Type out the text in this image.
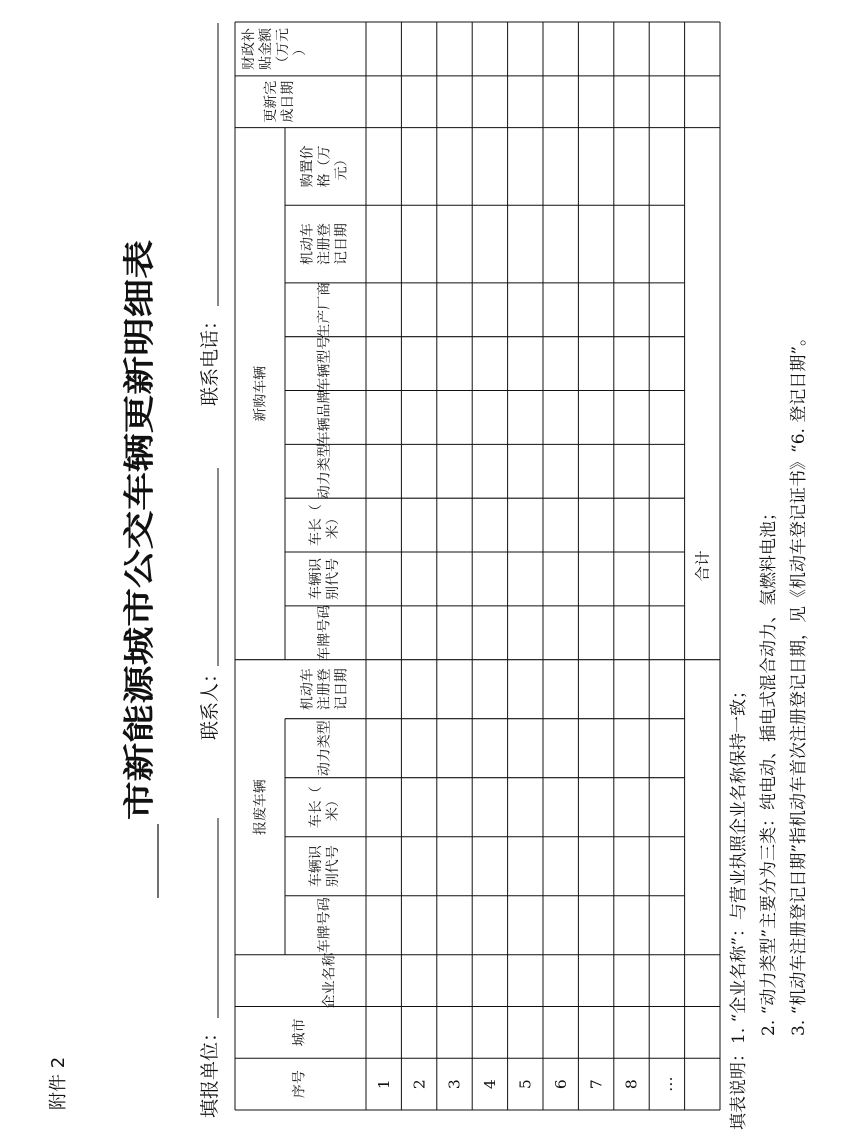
附件 2
市新能源城市公交车辆更新明细表
填报单位：
联系人：
联系电话：
序号
城市
企业名称
报废车辆
新购车辆
更新完成日期
财政补贴金额（万元）
车牌号码
车辆识别代号
车长（米）
动力类型
机动车注册登记日期
车牌号码
车辆识别代号
车长（米）
动力类型
车辆品牌
车辆型号
生产厂商
机动车注册登记日期
购置价格（万元）
1 2 3 4 5 6 7 8 …
合计
填表说明：
1. “企业名称”：与营业执照企业名称保持一致； 2. “动力类型”主要分为三类：纯电动、插电式混合动力、氢燃料电池； 3. “机动车注册登记日期”指机动车首次注册登记日期，见《机动车登记证书》“6. 登记日期”。
